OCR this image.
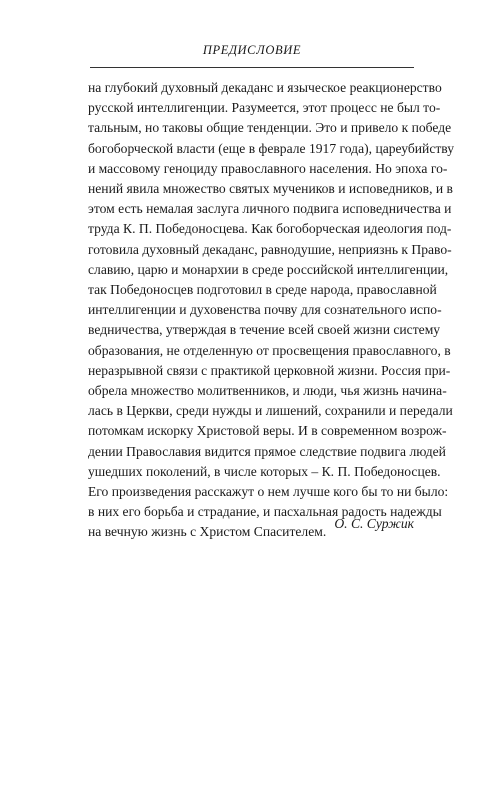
ПРЕДИСЛОВИЕ
на глубокий духовный декаданс и языческое реакционерство
русской интеллигенции. Разумеется, этот процесс не был то-
тальным, но таковы общие тенденции. Это и привело к победе
богоборческой власти (еще в феврале 1917 года), цареубийству
и массовому геноциду православного населения. Но эпоха го-
нений явила множество святых мучеников и исповедников, и в
этом есть немалая заслуга личного подвига исповедничества и
труда К. П. Победоносцева. Как богоборческая идеология под-
готовила духовный декаданс, равнодушие, неприязнь к Право-
славию, царю и монархии в среде российской интеллигенции,
так Победоносцев подготовил в среде народа, православной
интеллигенции и духовенства почву для сознательного испо-
ведничества, утверждая в течение всей своей жизни систему
образования, не отделенную от просвещения православного, в
неразрывной связи с практикой церковной жизни. Россия при-
обрела множество молитвенников, и люди, чья жизнь начина-
лась в Церкви, среди нужды и лишений, сохранили и передали
потомкам искорку Христовой веры. И в современном возрож-
дении Православия видится прямое следствие подвига людей
ушедших поколений, в числе которых – К. П. Победоносцев.
Его произведения расскажут о нем лучше кого бы то ни было:
в них его борьба и страдание, и пасхальная радость надежды
на вечную жизнь с Христом Спасителем.
О. С. Суржик
